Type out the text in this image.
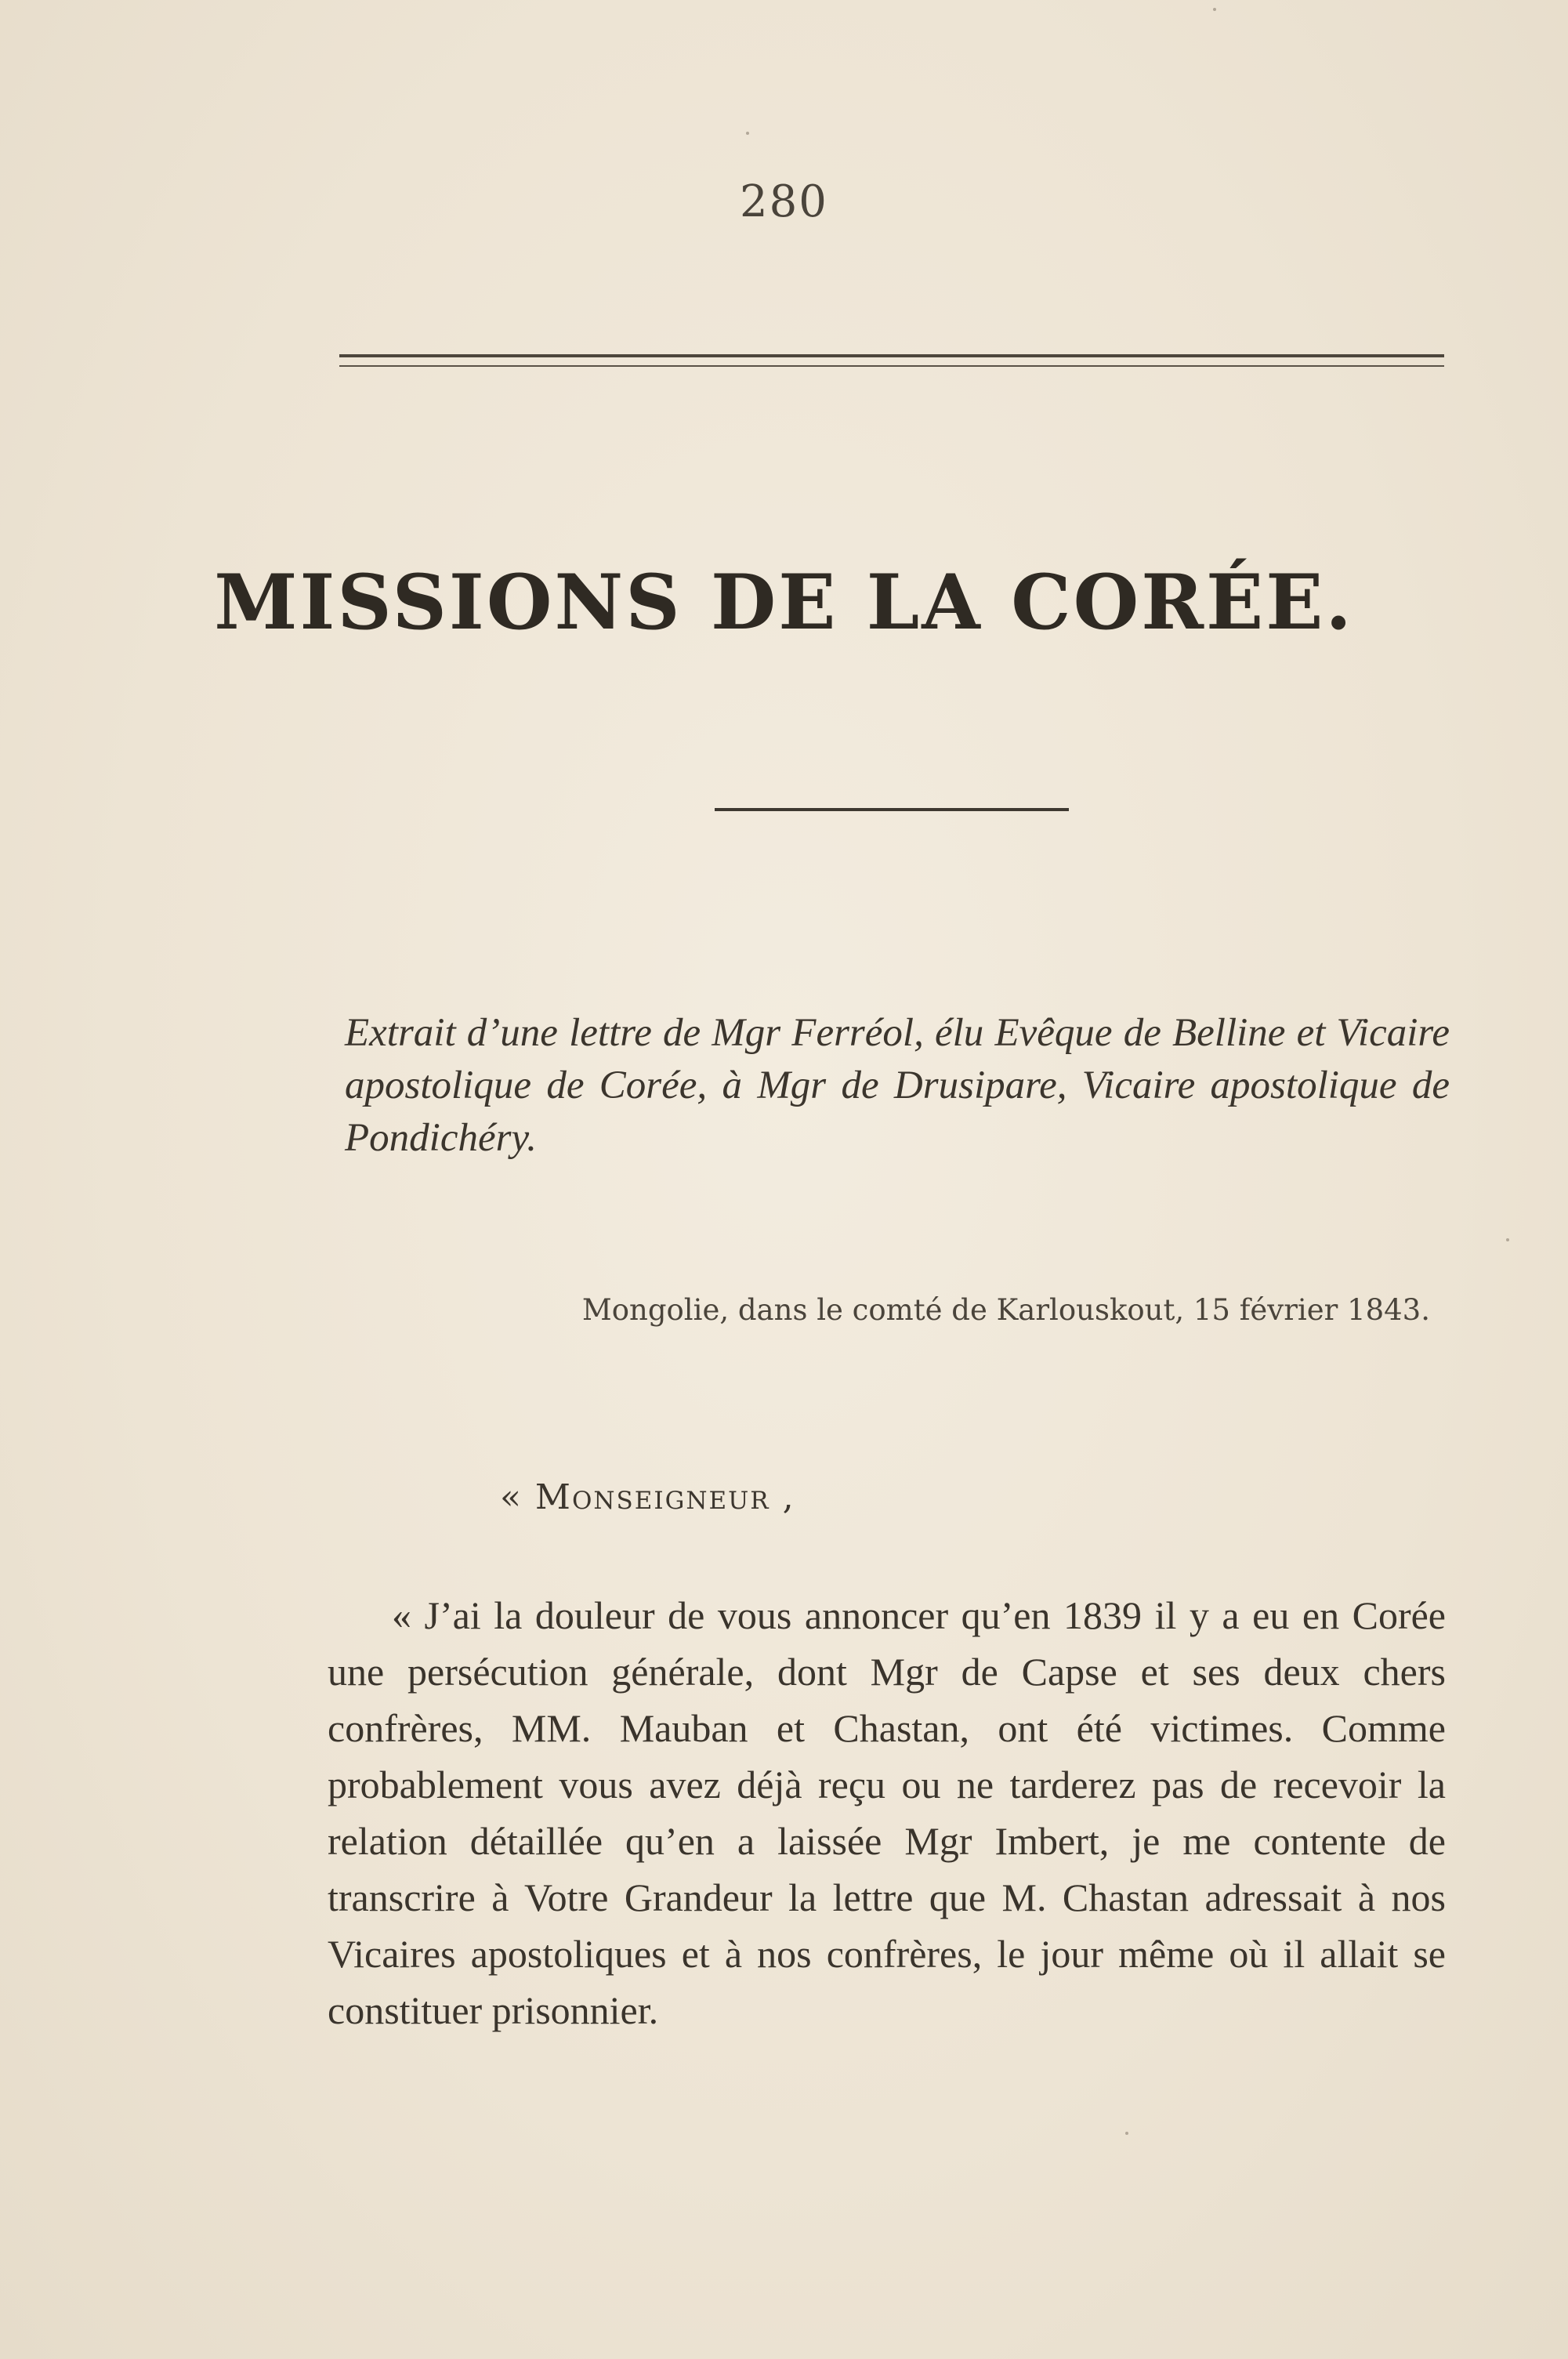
280
MISSIONS DE LA CORÉE.
Extrait d’une lettre de Mgr Ferréol, élu Evêque de Belline et Vicaire apostolique de Corée, à Mgr de Drusipare, Vicaire apostolique de Pondichéry.
Mongolie, dans le comté de Karlouskout, 15 février 1843.
« Monseigneur ,
« J’ai la douleur de vous annoncer qu’en 1839 il y a eu en Corée une persécution générale, dont Mgr de Capse et ses deux chers confrères, MM. Mauban et Chastan, ont été victimes. Comme probablement vous avez déjà reçu ou ne tarderez pas de recevoir la relation détaillée qu’en a laissée Mgr Imbert, je me contente de transcrire à Votre Grandeur la lettre que M. Chastan adressait à nos Vicaires apostoliques et à nos confrères, le jour même où il allait se constituer prisonnier.
